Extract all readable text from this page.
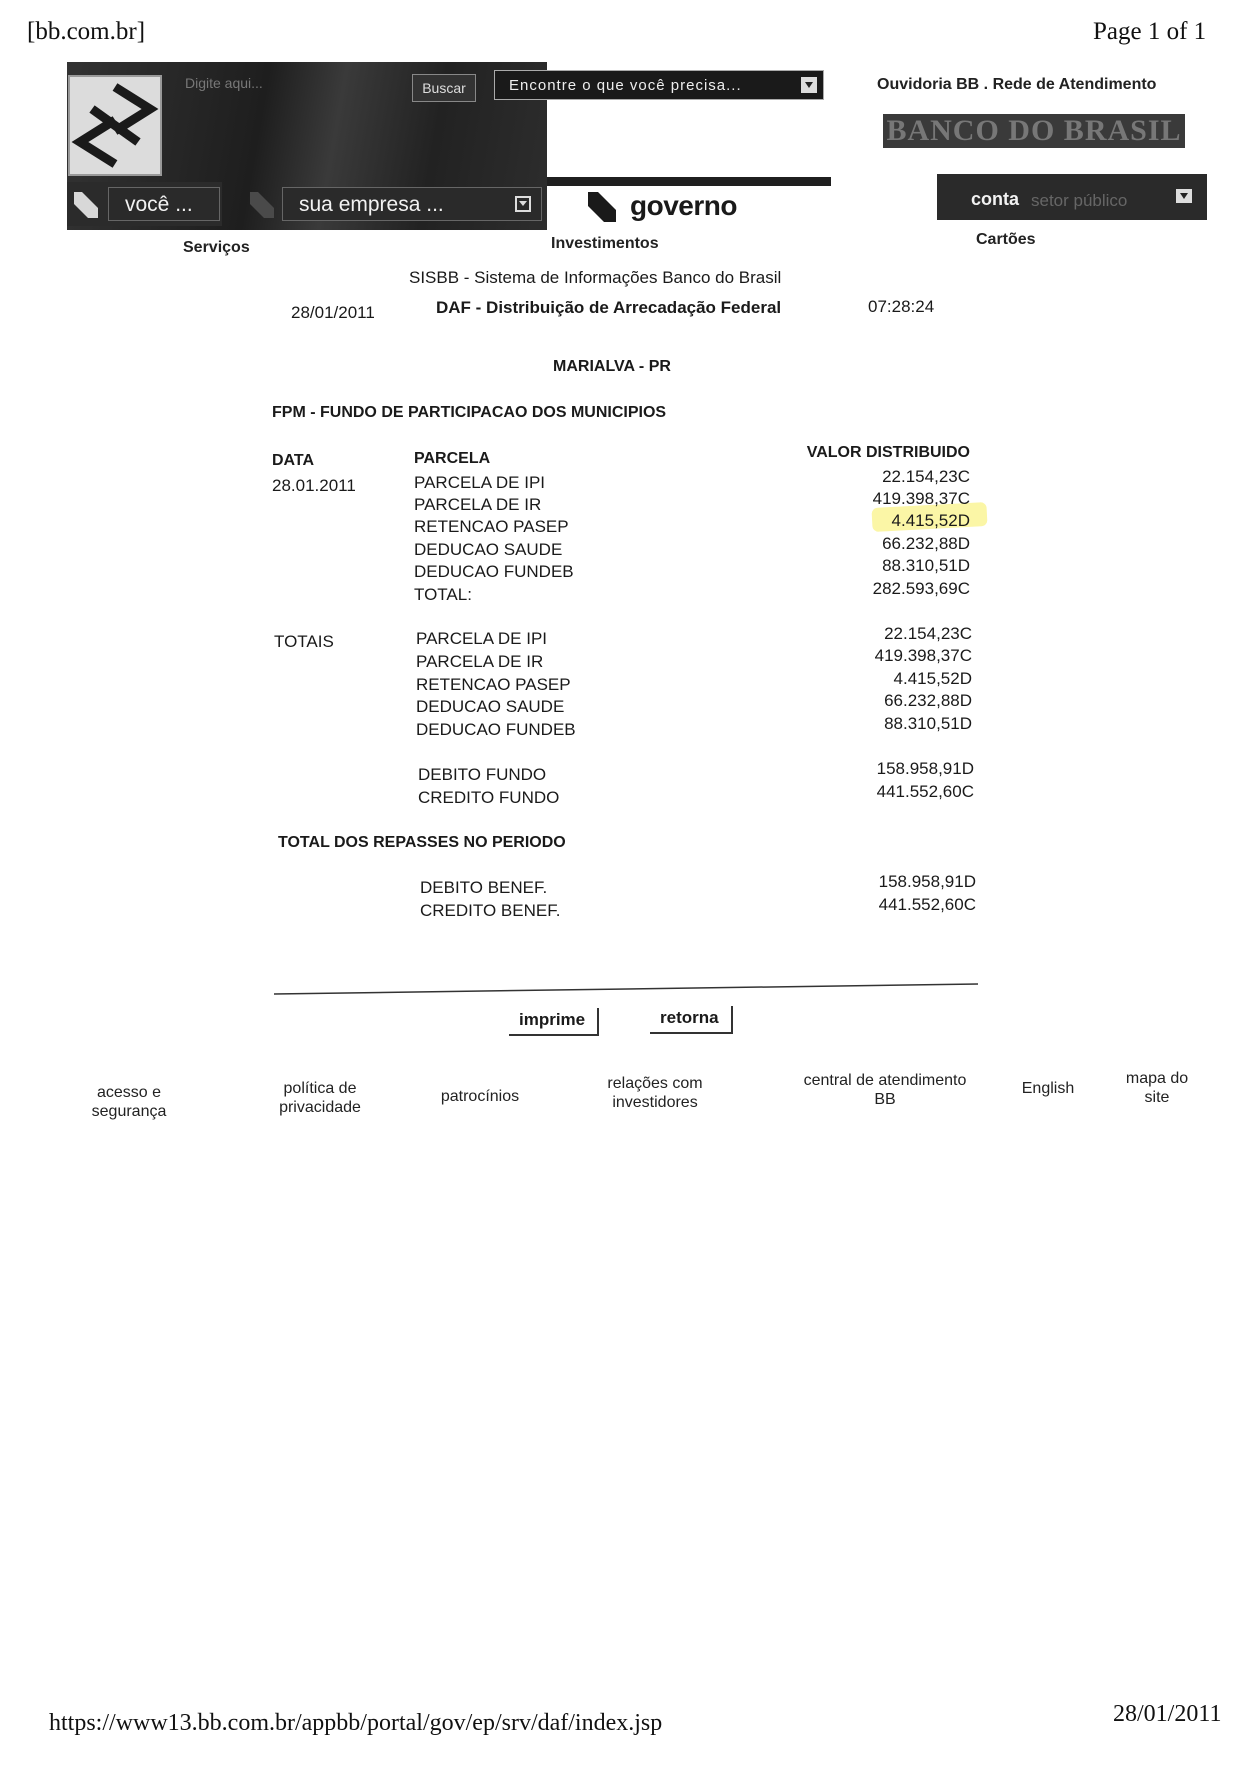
[bb.com.br]	Page 1 of 1
Digite aqui...	Buscar	Encontre o que você precisa...
você ...	sua empresa ...	governo
Ouvidoria BB . Rede de Atendimento
BANCO DO BRASIL
conta setor público
Serviços	Investimentos	Cartões
SISBB - Sistema de Informações Banco do Brasil
28/01/2011	DAF - Distribuição de Arrecadação Federal	07:28:24
MARIALVA - PR
FPM - FUNDO DE PARTICIPACAO DOS MUNICIPIOS
DATA	PARCELA	VALOR DISTRIBUIDO
28.01.2011	PARCELA DE IPI	22.154,23C
PARCELA DE IR	419.398,37C
RETENCAO PASEP	4.415,52D
DEDUCAO SAUDE	66.232,88D
DEDUCAO FUNDEB	88.310,51D
TOTAL:	282.593,69C
TOTAIS	PARCELA DE IPI	22.154,23C
PARCELA DE IR	419.398,37C
RETENCAO PASEP	4.415,52D
DEDUCAO SAUDE	66.232,88D
DEDUCAO FUNDEB	88.310,51D
DEBITO FUNDO	158.958,91D
CREDITO FUNDO	441.552,60C
TOTAL DOS REPASSES NO PERIODO
DEBITO BENEF.	158.958,91D
CREDITO BENEF.	441.552,60C
imprime	retorna
acesso e
segurança
política de
privacidade
patrocínios
relações com
investidores
central de atendimento
BB
English
mapa do
site
https://www13.bb.com.br/appbb/portal/gov/ep/srv/daf/index.jsp	28/01/2011
